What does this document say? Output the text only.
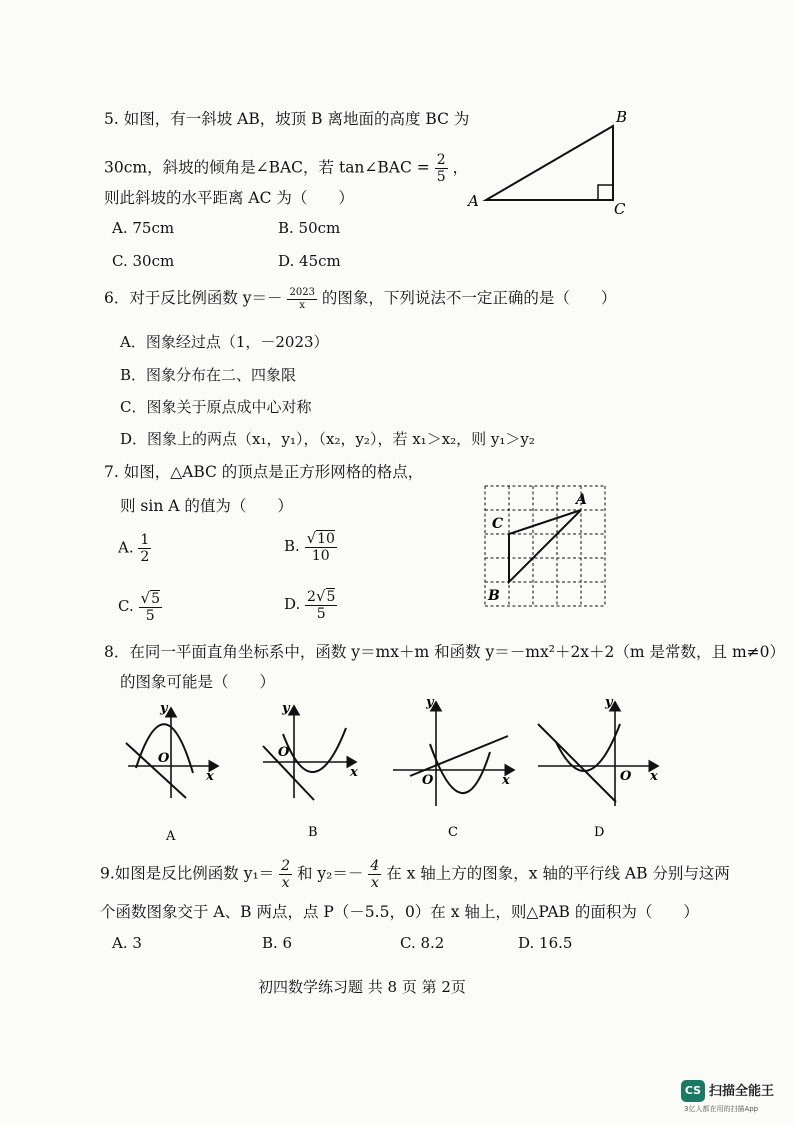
5. 如图，有一斜坡 AB，坡顶 B 离地面的高度 BC 为
30cm，斜坡的倾角是∠BAC，若 tan∠BAC = $\frac{2}{5}$ ，
则此斜坡的水平距离 AC 为（　　）
A. 75cm	B. 50cm
C. 30cm	D. 45cm
A
B
C
6．对于反比例函数 $y=- \frac{2023}{x}$ 的图象，下列说法不一定正确的是（　　）
A．图象经过点（1，－2023）
B．图象分布在二、四象限
C．图象关于原点成中心对称
D．图象上的两点（x₁，y₁），（x₂，y₂），若 x₁＞x₂，则 y₁＞y₂
7. 如图，△ABC 的顶点是正方形网格的格点，
则 sin A 的值为（　　）
A. $\frac{1}{2}$	B. $\frac{√10}{10}$
C. $\frac{√5}{5}$	D. $\frac{2√5}{5}$
A
C
B
8．在同一平面直角坐标系中，函数 y＝mx＋m 和函数 y＝－mx²＋2x＋2（m 是常数，且 m≠0）
的图象可能是（　　）
y
x
O
A
y
x
O
B
y
x
O
C
y
x
O
D
9.如图是反比例函数 $y_1= \frac{2}{x}$ 和 $y_2=- \frac{4}{x}$ 在 x 轴上方的图象，x 轴的平行线 AB 分别与这两
个函数图象交于 A、B 两点，点 P（－5.5，0）在 x 轴上，则△PAB 的面积为（　　）
A. 3	B. 6	C. 8.2	D. 16.5
初四数学练习题 共 8 页 第 2页
CS 扫描全能王
3亿人都在用的扫描App
